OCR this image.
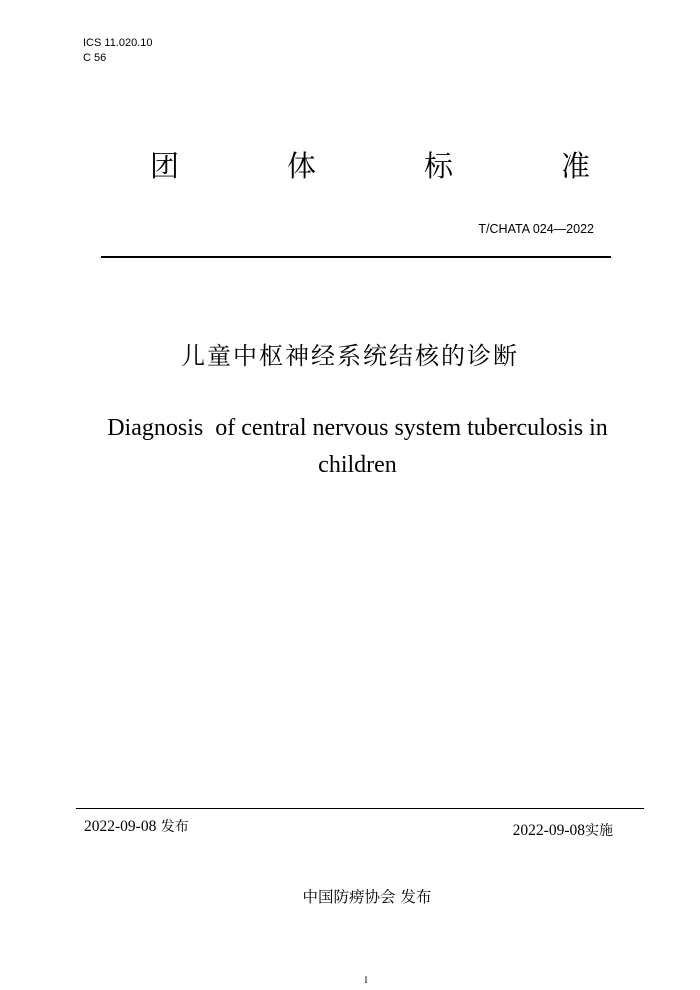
ICS 11.020.10
C 56
团	体	标	准
T/CHATA 024—2022
儿童中枢神经系统结核的诊断
Diagnosis  of central nervous system tuberculosis in
children
2022-09-08 发布	2022-09-08实施
中国防痨协会 发布
I
